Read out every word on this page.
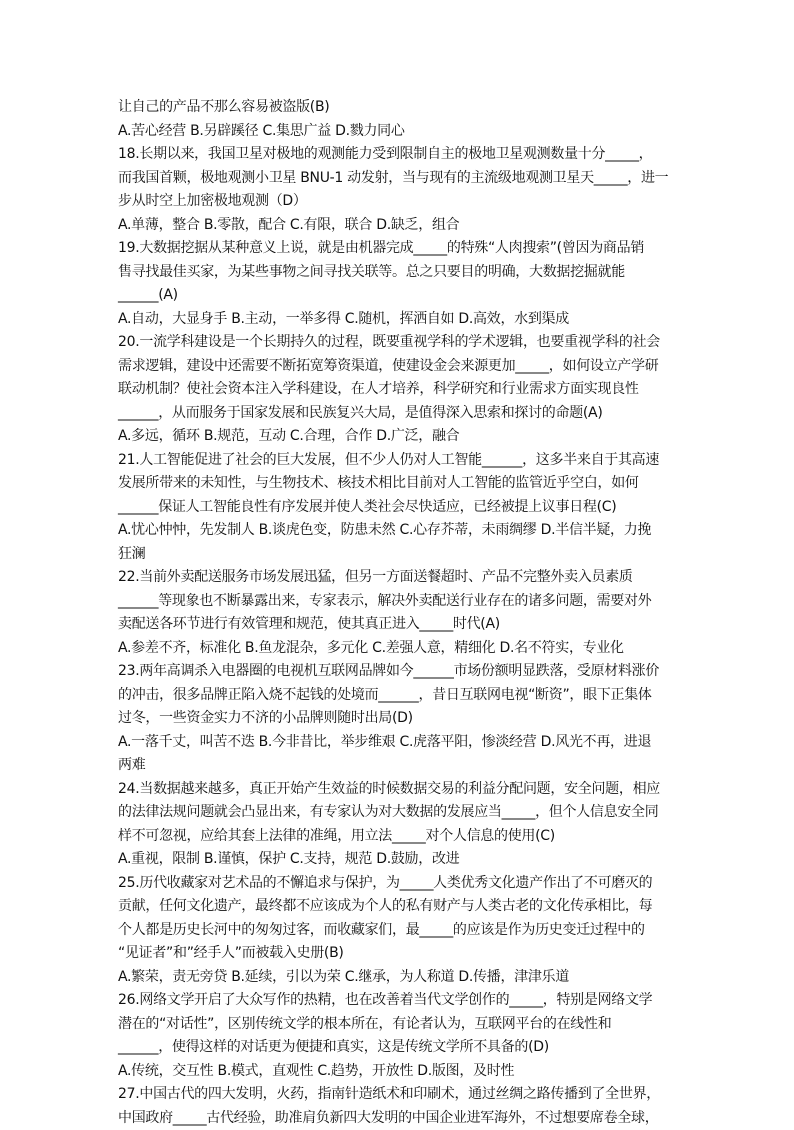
让自己的产品不那么容易被盗版(B)
A.苦心经营 B.另辟蹊径 C.集思广益 D.戮力同心
18.长期以来，我国卫星对极地的观测能力受到限制自主的极地卫星观测数量十分_____，
而我国首颗，极地观测小卫星 BNU-1 动发射，当与现有的主流级地观测卫星天_____，进一
步从时空上加密极地观测（D）
A.单薄，整合 B.零散，配合 C.有限，联合 D.缺乏，组合
19.大数据挖据从某种意义上说，就是由机器完成_____的特殊“人肉搜索”(曾因为商品销
售寻找最佳买家，为某些事物之间寻找关联等。总之只要目的明确，大数据挖掘就能
______(A)
A.自动，大显身手 B.主动，一举多得 C.随机，挥洒自如 D.高效，水到渠成
20.一流学科建设是一个长期持久的过程，既要重视学科的学术逻辑，也要重视学科的社会
需求逻辑，建设中还需要不断拓宽筹资渠道，使建设金会来源更加_____，如何设立产学研
联动机制？使社会资本注入学科建设，在人才培养，科学研究和行业需求方面实现良性
______，从而服务于国家发展和民族复兴大局，是值得深入思索和探讨的命题(A)
A.多远，循环 B.规范，互动 C.合理，合作 D.广泛，融合
21.人工智能促进了社会的巨大发展，但不少人仍对人工智能______，这多半来自于其高速
发展所带来的未知性，与生物技术、核技术相比目前对人工智能的监管近乎空白，如何
______保证人工智能良性有序发展并使人类社会尽快适应，已经被提上议事日程(C)
A.忧心忡忡，先发制人 B.谈虎色变，防患未然 C.心存芥蒂，未雨绸缪 D.半信半疑，力挽
狂澜
22.当前外卖配送服务市场发展迅猛，但另一方面送餐超时、产品不完整外卖入员素质
______等现象也不断暴露出来，专家表示，解决外卖配送行业存在的诸多问题，需要对外
卖配送各环节进行有效管理和规范，使其真正进入_____时代(A)
A.参差不齐，标准化 B.鱼龙混杂，多元化 C.差强人意，精细化 D.名不符实，专业化
23.两年高调杀入电器圈的电视机互联网品牌如今______市场份额明显跌落，受原材料涨价
的冲击，很多品牌正陷入烧不起钱的处境而______，昔日互联网电视“断资”，眼下正集体
过冬，一些资金实力不济的小品牌则随时出局(D)
A.一落千丈，叫苦不迭 B.今非昔比，举步维艰 C.虎落平阳，惨淡经营 D.风光不再，进退
两难
24.当数据越来越多，真正开始产生效益的时候数据交易的利益分配问题，安全问题，相应
的法律法规问题就会凸显出来，有专家认为对大数据的发展应当_____，但个人信息安全同
样不可忽视，应给其套上法律的准绳，用立法_____对个人信息的使用(C)
A.重视，限制 B.谨慎，保护 C.支持，规范 D.鼓励，改进
25.历代收藏家对艺术品的不懈追求与保护，为_____人类优秀文化遗产作出了不可磨灭的
贡献，任何文化遗产，最终都不应该成为个人的私有财产与人类古老的文化传承相比，每
个人都是历史长河中的匆匆过客，而收藏家们，最_____的应该是作为历史变迁过程中的
“见证者”和”经手人”而被载入史册(B)
A.繁荣，责无旁贷 B.延续，引以为荣 C.继承，为人称道 D.传播，津津乐道
26.网络文学开启了大众写作的热精，也在改善着当代文学创作的_____，特别是网络文学
潜在的“对话性”，区别传统文学的根本所在，有论者认为，互联网平台的在线性和
______，使得这样的对话更为便捷和真实，这是传统文学所不具备的(D)
A.传统，交互性 B.模式，直观性 C.趋势，开放性 D.版图，及时性
27.中国古代的四大发明，火药，指南针造纸术和印刷术，通过丝绸之路传播到了全世界，
中国政府_____古代经验，助准肩负新四大发明的中国企业进军海外，不过想要席卷全球，
